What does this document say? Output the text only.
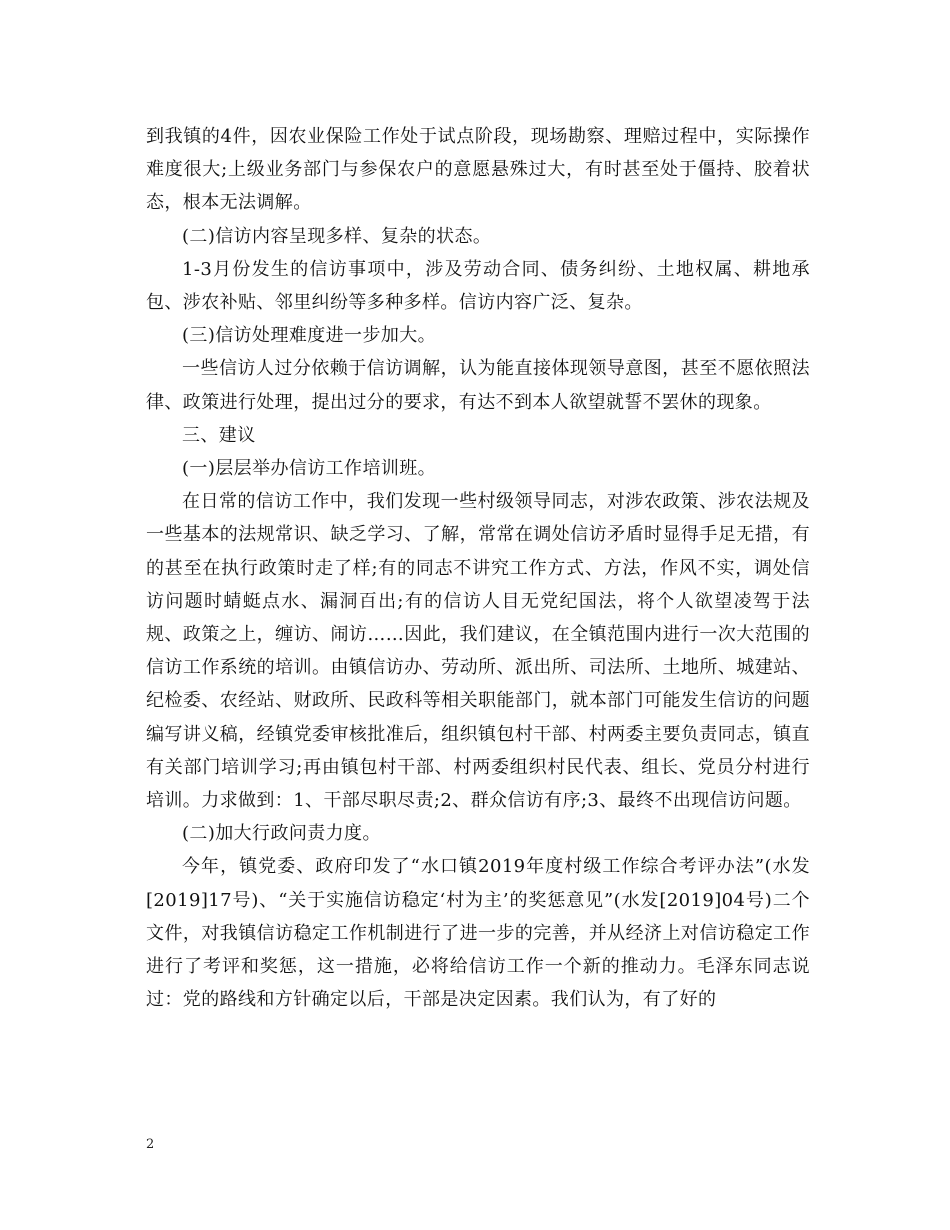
到我镇的4件，因农业保险工作处于试点阶段，现场勘察、理赔过程中，实际操作难度很大;上级业务部门与参保农户的意愿悬殊过大，有时甚至处于僵持、胶着状态，根本无法调解。

(二)信访内容呈现多样、复杂的状态。

1-3月份发生的信访事项中，涉及劳动合同、债务纠纷、土地权属、耕地承包、涉农补贴、邻里纠纷等多种多样。信访内容广泛、复杂。

(三)信访处理难度进一步加大。

一些信访人过分依赖于信访调解，认为能直接体现领导意图，甚至不愿依照法律、政策进行处理，提出过分的要求，有达不到本人欲望就誓不罢休的现象。

三、建议

(一)层层举办信访工作培训班。

在日常的信访工作中，我们发现一些村级领导同志，对涉农政策、涉农法规及一些基本的法规常识、缺乏学习、了解，常常在调处信访矛盾时显得手足无措，有的甚至在执行政策时走了样;有的同志不讲究工作方式、方法，作风不实，调处信访问题时蜻蜓点水、漏洞百出;有的信访人目无党纪国法，将个人欲望凌驾于法规、政策之上，缠访、闹访……因此，我们建议，在全镇范围内进行一次大范围的信访工作系统的培训。由镇信访办、劳动所、派出所、司法所、土地所、城建站、纪检委、农经站、财政所、民政科等相关职能部门，就本部门可能发生信访的问题编写讲义稿，经镇党委审核批准后，组织镇包村干部、村两委主要负责同志，镇直有关部门培训学习;再由镇包村干部、村两委组织村民代表、组长、党员分村进行培训。力求做到：1、干部尽职尽责;2、群众信访有序;3、最终不出现信访问题。

(二)加大行政问责力度。

今年，镇党委、政府印发了“水口镇2019年度村级工作综合考评办法”(水发[2019]17号)、“关于实施信访稳定‘村为主’的奖惩意见”(水发[2019]04号)二个文件，对我镇信访稳定工作机制进行了进一步的完善，并从经济上对信访稳定工作进行了考评和奖惩，这一措施，必将给信访工作一个新的推动力。毛泽东同志说过：党的路线和方针确定以后，干部是决定因素。我们认为，有了好的

2
